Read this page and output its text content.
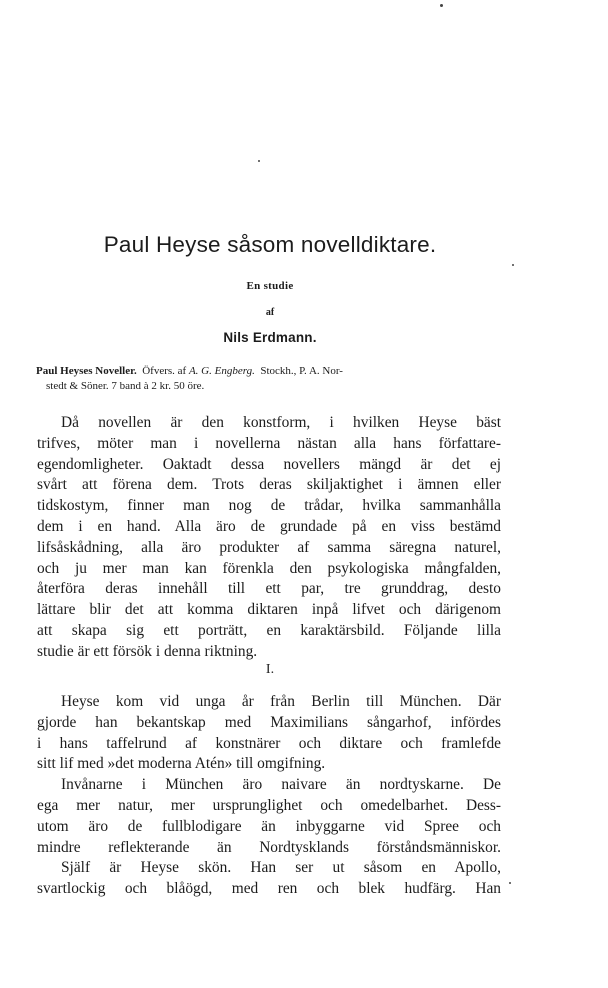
Paul Heyse såsom novelldiktare.
En studie
af
Nils Erdmann.
Paul Heyses Noveller. Öfvers. af A. G. Engberg. Stockh., P. A. Nor-
stedt & Söner. 7 band à 2 kr. 50 öre.
Då novellen är den konstform, i hvilken Heyse bäst
trifves, möter man i novellerna nästan alla hans författare-
egendomligheter. Oaktadt dessa novellers mängd är det ej
svårt att förena dem. Trots deras skiljaktighet i ämnen eller
tidskostym, finner man nog de trådar, hvilka sammanhålla
dem i en hand. Alla äro de grundade på en viss bestämd
lifsåskådning, alla äro produkter af samma säregna naturel,
och ju mer man kan förenkla den psykologiska mångfalden,
återföra deras innehåll till ett par, tre grunddrag, desto
lättare blir det att komma diktaren inpå lifvet och därigenom
att skapa sig ett porträtt, en karaktärsbild. Följande lilla
studie är ett försök i denna riktning.
I.
Heyse kom vid unga år från Berlin till München. Där
gjorde han bekantskap med Maximilians sångarhof, infördes
i hans taffelrund af konstnärer och diktare och framlefde
sitt lif med »det moderna Atén» till omgifning.
Invånarne i München äro naivare än nordtyskarne. De
ega mer natur, mer ursprunglighet och omedelbarhet. Dess-
utom äro de fullblodigare än inbyggarne vid Spree och
mindre reflekterande än Nordtysklands förståndsmänniskor.
Själf är Heyse skön. Han ser ut såsom en Apollo,
svartlockig och blåögd, med ren och blek hudfärg. Han
